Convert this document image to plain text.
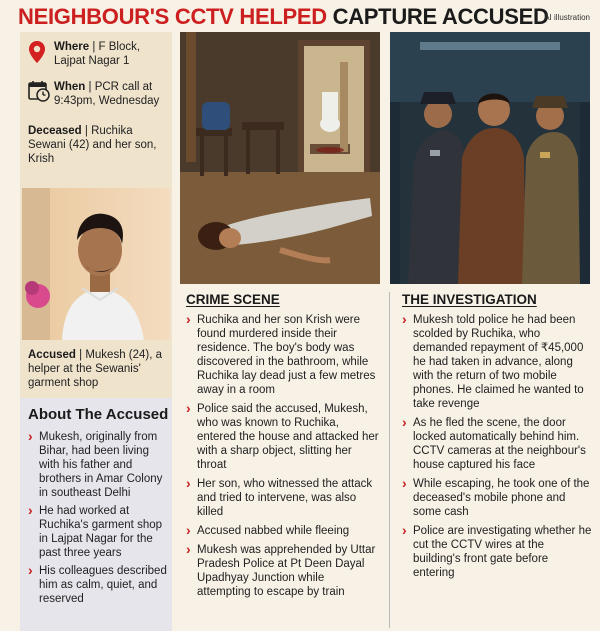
NEIGHBOUR'S CCTV HELPED CAPTURE ACCUSED
AI illustration
Where | F Block, Lajpat Nagar 1
When | PCR call at 9:43pm, Wednesday
Deceased | Ruchika Sewani (42) and her son, Krish
Accused | Mukesh (24), a helper at the Sewanis' garment shop
About The Accused
› Mukesh, originally from Bihar, had been living with his father and brothers in Amar Colony in southeast Delhi
› He had worked at Ruchika's garment shop in Lajpat Nagar for the past three years
› His colleagues described him as calm, quiet, and reserved
CRIME SCENE
› Ruchika and her son Krish were found murdered inside their residence. The boy's body was discovered in the bathroom, while Ruchika lay dead just a few metres away in a room
› Police said the accused, Mukesh, who was known to Ruchika, entered the house and attacked her with a sharp object, slitting her throat
› Her son, who witnessed the attack and tried to intervene, was also killed
› Accused nabbed while fleeing
› Mukesh was apprehended by Uttar Pradesh Police at Pt Deen Dayal Upadhyay Junction while attempting to escape by train
THE INVESTIGATION
› Mukesh told police he had been scolded by Ruchika, who demanded repayment of ₹45,000 he had taken in advance, along with the return of two mobile phones. He claimed he wanted to take revenge
› As he fled the scene, the door locked automatically behind him. CCTV cameras at the neighbour's house captured his face
› While escaping, he took one of the deceased's mobile phone and some cash
› Police are investigating whether he cut the CCTV wires at the building's front gate before entering
